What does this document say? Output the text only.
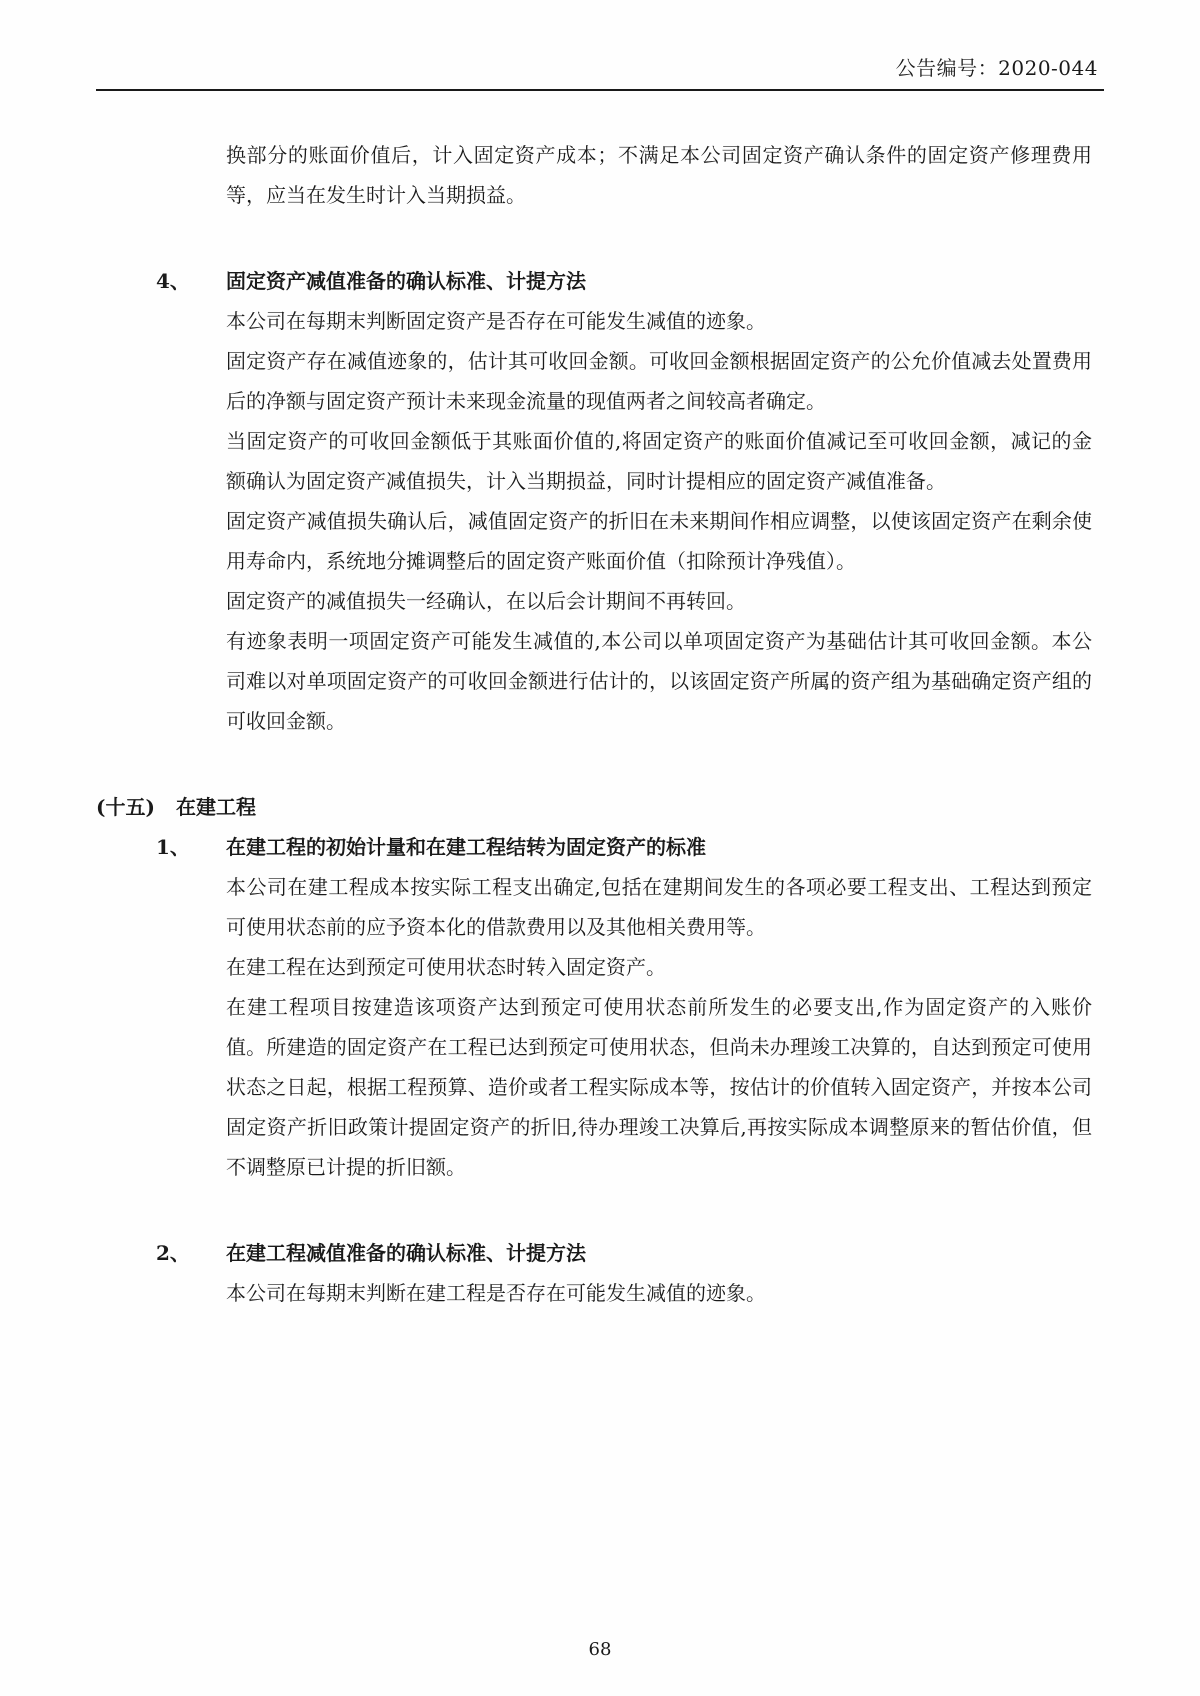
公告编号：2020-044

换部分的账面价值后，计入固定资产成本；不满足本公司固定资产确认条件的固定资产修理费用等，应当在发生时计入当期损益。

4、	固定资产减值准备的确认标准、计提方法

本公司在每期末判断固定资产是否存在可能发生减值的迹象。

固定资产存在减值迹象的，估计其可收回金额。可收回金额根据固定资产的公允价值减去处置费用后的净额与固定资产预计未来现金流量的现值两者之间较高者确定。

当固定资产的可收回金额低于其账面价值的,将固定资产的账面价值减记至可收回金额，减记的金额确认为固定资产减值损失，计入当期损益，同时计提相应的固定资产减值准备。

固定资产减值损失确认后，减值固定资产的折旧在未来期间作相应调整，以使该固定资产在剩余使用寿命内，系统地分摊调整后的固定资产账面价值（扣除预计净残值）。

固定资产的减值损失一经确认，在以后会计期间不再转回。

有迹象表明一项固定资产可能发生减值的,本公司以单项固定资产为基础估计其可收回金额。本公司难以对单项固定资产的可收回金额进行估计的，以该固定资产所属的资产组为基础确定资产组的可收回金额。

(十五)	在建工程
1、	在建工程的初始计量和在建工程结转为固定资产的标准

本公司在建工程成本按实际工程支出确定,包括在建期间发生的各项必要工程支出、工程达到预定可使用状态前的应予资本化的借款费用以及其他相关费用等。

在建工程在达到预定可使用状态时转入固定资产。

在建工程项目按建造该项资产达到预定可使用状态前所发生的必要支出,作为固定资产的入账价值。所建造的固定资产在工程已达到预定可使用状态，但尚未办理竣工决算的，自达到预定可使用状态之日起，根据工程预算、造价或者工程实际成本等，按估计的价值转入固定资产，并按本公司固定资产折旧政策计提固定资产的折旧,待办理竣工决算后,再按实际成本调整原来的暂估价值，但不调整原已计提的折旧额。

2、	在建工程减值准备的确认标准、计提方法

本公司在每期末判断在建工程是否存在可能发生减值的迹象。

68
